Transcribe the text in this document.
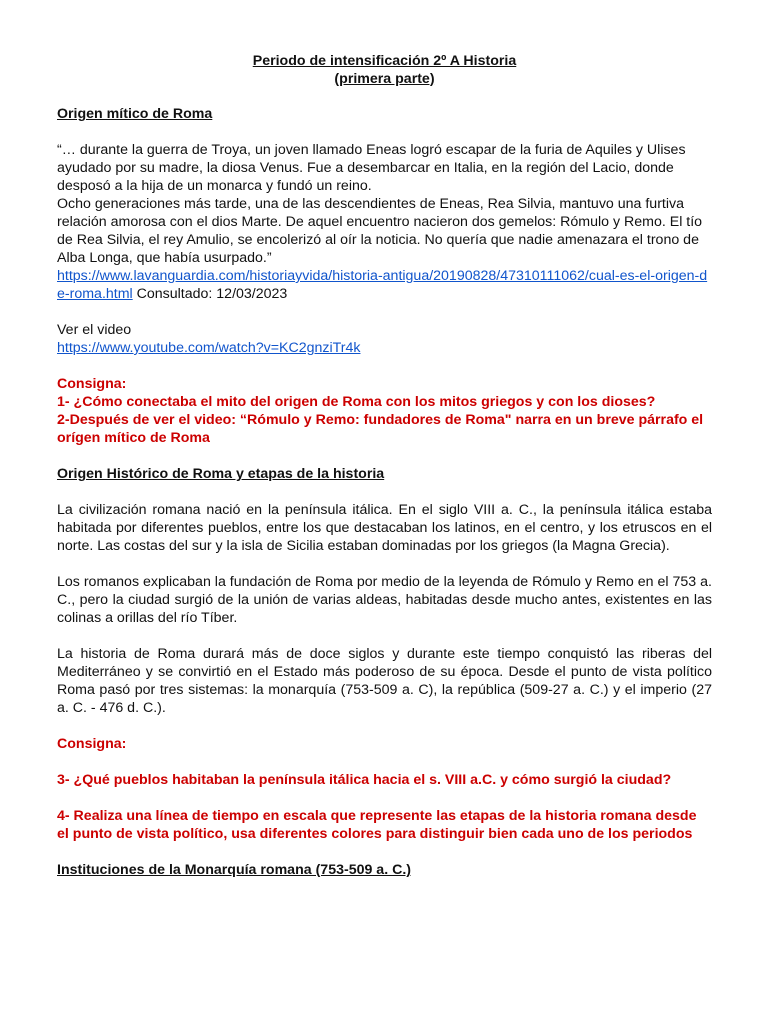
Periodo de intensificación 2º A Historia

(primera parte)

Origen mítico de Roma

“… durante la guerra de Troya, un joven llamado Eneas logró escapar de la furia de Aquiles y Ulises ayudado por su madre, la diosa Venus. Fue a desembarcar en Italia, en la región del Lacio, donde desposó a la hija de un monarca y fundó un reino.

Ocho generaciones más tarde, una de las descendientes de Eneas, Rea Silvia, mantuvo una furtiva relación amorosa con el dios Marte. De aquel encuentro nacieron dos gemelos: Rómulo y Remo. El tío de Rea Silvia, el rey Amulio, se encolerizó al oír la noticia. No quería que nadie amenazara el trono de Alba Longa, que había usurpado.”

https://www.lavanguardia.com/historiayvida/historia-antigua/20190828/47310111062/cual-es-el-origen-de-roma.html Consultado: 12/03/2023

Ver el video

https://www.youtube.com/watch?v=KC2gnziTr4k

Consigna:

1- ¿Cómo conectaba el mito del origen de Roma con los mitos griegos y con los dioses?

2-Después de ver el video: “Rómulo y Remo: fundadores de Roma" narra en un breve párrafo el orígen mítico de Roma

Origen Histórico de Roma y etapas de la historia

La civilización romana nació en la península itálica. En el siglo VIII a. C., la península itálica estaba habitada por diferentes pueblos, entre los que destacaban los latinos, en el centro, y los etruscos en el norte. Las costas del sur y la isla de Sicilia estaban dominadas por los griegos (la Magna Grecia).

Los romanos explicaban la fundación de Roma por medio de la leyenda de Rómulo y Remo en el 753 a. C., pero la ciudad surgió de la unión de varias aldeas, habitadas desde mucho antes, existentes en las colinas a orillas del río Tíber.

La historia de Roma durará más de doce siglos y durante este tiempo conquistó las riberas del Mediterráneo y se convirtió en el Estado más poderoso de su época. Desde el punto de vista político Roma pasó por tres sistemas: la monarquía (753-509 a. C), la república (509-27 a. C.) y el imperio (27 a. C. - 476 d. C.).

Consigna:

3- ¿Qué pueblos habitaban la península itálica hacia el s. VIII a.C. y cómo surgió la ciudad?

4- Realiza una línea de tiempo en escala que represente las etapas de la historia romana desde el punto de vista político, usa diferentes colores para distinguir bien cada uno de los periodos

Instituciones de la Monarquía romana (753-509 a. C.)
